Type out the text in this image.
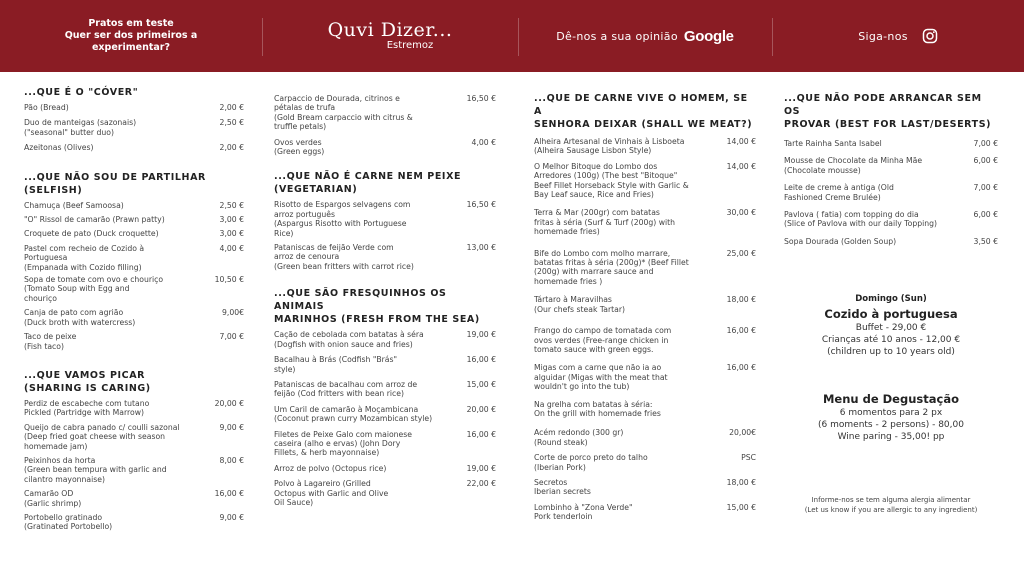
Pratos em teste
Quer ser dos primeiros a
experimentar?
Quvi Dizer...
Estremoz
Dê-nos a sua opinião Google	Siga-nos
...QUE É O "CÓVER"
Pão (Bread)	2,00 €
Duo de manteigas (sazonais)
("seasonal" butter duo)
2,50 €
Azeitonas (Olives)	2,00 €
...QUE NÃO SOU DE PARTILHAR
(SELFISH)
Chamuça (Beef Samoosa)	2,50 €
"O" Rissol de camarão (Prawn patty)	3,00 €
Croquete de pato (Duck croquette)	3,00 €
Pastel com recheio de Cozido à
Portuguesa
(Empanada with Cozido filling)
4,00 €
Sopa de tomate com ovo e chouriço
(Tomato Soup with Egg and
chouriço
10,50 €
Canja de pato com agrião
(Duck broth with watercress)
9,00€
Taco de peixe
(Fish taco)
7,00 €
...QUE VAMOS PICAR
(SHARING IS CARING)
Perdiz de escabeche com tutano
Pickled (Partridge with Marrow)
20,00 €
Queijo de cabra panado c/ coulli sazonal
(Deep fried goat cheese with season
homemade jam)
9,00 €
Peixinhos da horta
(Green bean tempura with garlic and
cilantro mayonnaise)
8,00 €
Camarão OD
(Garlic shrimp)
16,00 €
Portobello gratinado
(Gratinated Portobello)
9,00 €
Carpaccio de Dourada, citrinos e
pétalas de trufa
(Gold Bream carpaccio with citrus &
truffle petals)
16,50 €
Ovos verdes
(Green eggs)
4,00 €
...QUE NÃO É CARNE NEM PEIXE
(VEGETARIAN)
Risotto de Espargos selvagens com
arroz português
(Aspargus Risotto with Portuguese
Rice)
16,50 €
Pataniscas de feijão Verde com
arroz de cenoura
(Green bean fritters with carrot rice)
13,00 €
...QUE SÃO FRESQUINHOS OS ANIMAIS
MARINHOS (FRESH FROM THE SEA)
Cação de cebolada com batatas à séra
(Dogfish with onion sauce and fries)
19,00 €
Bacalhau à Brás (Codfish "Brás"
style)
16,00 €
Pataniscas de bacalhau com arroz de
feijão (Cod fritters with bean rice)
15,00 €
Um Caril de camarão à Moçambicana
(Coconut prawn curry Mozambican style)
20,00 €
Filetes de Peixe Galo com maionese
caseira (alho e ervas) (John Dory
Fillets, & herb mayonnaise)
16,00 €
Arroz de polvo (Octopus rice)	19,00 €
Polvo à Lagareiro (Grilled
Octopus with Garlic and Olive
Oil Sauce)
22,00 €
...QUE DE CARNE VIVE O HOMEM, SE A
SENHORA DEIXAR (SHALL WE MEAT?)
Alheira Artesanal de Vinhais à Lisboeta
(Alheira Sausage Lisbon Style)
14,00 €
O Melhor Bitoque do Lombo dos
Arredores (100g) (The best "Bitoque"
Beef Fillet Horseback Style with Garlic &
Bay Leaf sauce, Rice and Fries)
14,00 €
Terra & Mar (200gr) com batatas
fritas à séria (Surf & Turf (200g) with
homemade fries)
30,00 €
Bife do Lombo com molho marrare,
batatas fritas à séria (200g)* (Beef Fillet
(200g) with marrare sauce and
homemade fries )
25,00 €
Tártaro à Maravilhas
(Our chefs steak Tartar)
18,00 €
Frango do campo de tomatada com
ovos verdes (Free-range chicken in
tomato sauce with green eggs.
16,00 €
Migas com a carne que não ia ao
alguidar (Migas with the meat that
wouldn't go into the tub)
16,00 €
Na grelha com batatas à séria:
On the grill with homemade fries
Acém redondo (300 gr)
(Round steak)
20,00€
Corte de porco preto do talho
(Iberian Pork)
PSC
Secretos
Iberian secrets
18,00 €
Lombinho à "Zona Verde"
Pork tenderloin
15,00 €
...QUE NÃO PODE ARRANCAR SEM OS
PROVAR (BEST FOR LAST/DESERTS)
Tarte Rainha Santa Isabel	7,00 €
Mousse de Chocolate da Minha Mãe
(Chocolate mousse)
6,00 €
Leite de creme à antiga (Old
Fashioned Creme Brulée)
7,00 €
Pavlova ( fatia) com topping do dia
(Slice of Pavlova with our daily Topping)
6,00 €
Sopa Dourada (Golden Soup)	3,50 €
Domingo (Sun)
Cozido à portuguesa
Buffet - 29,00 €
Crianças até 10 anos - 12,00 €
(children up to 10 years old)
Menu de Degustação
6 momentos para 2 px
(6 moments - 2 persons) - 80,00
Wine paring - 35,00! pp
Informe-nos se tem alguma alergia alimentar
(Let us know if you are allergic to any ingredient)
